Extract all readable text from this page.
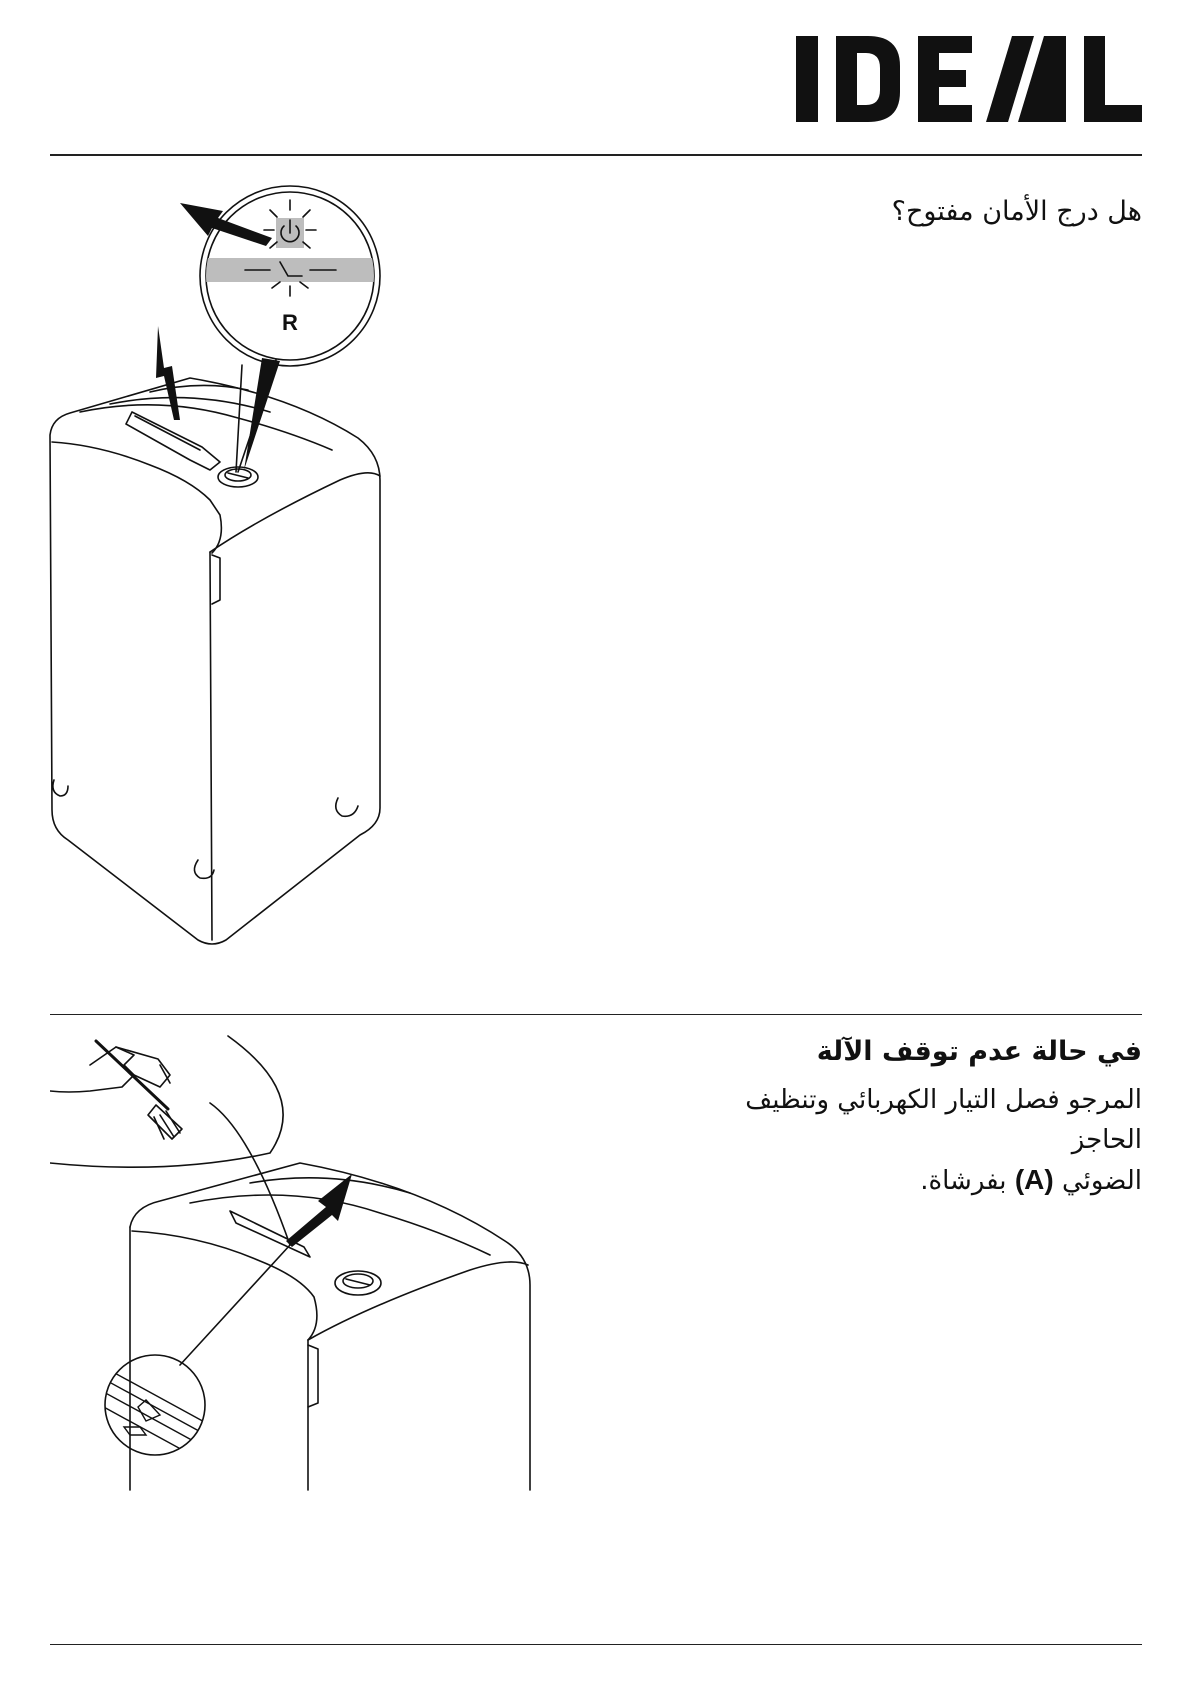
هل درج الأمان مفتوح؟
R
في حالة عدم توقف الآلة
المرجو فصل التيار الكهربائي وتنظيف الحاجز
الضوئي (A) بفرشاة.
